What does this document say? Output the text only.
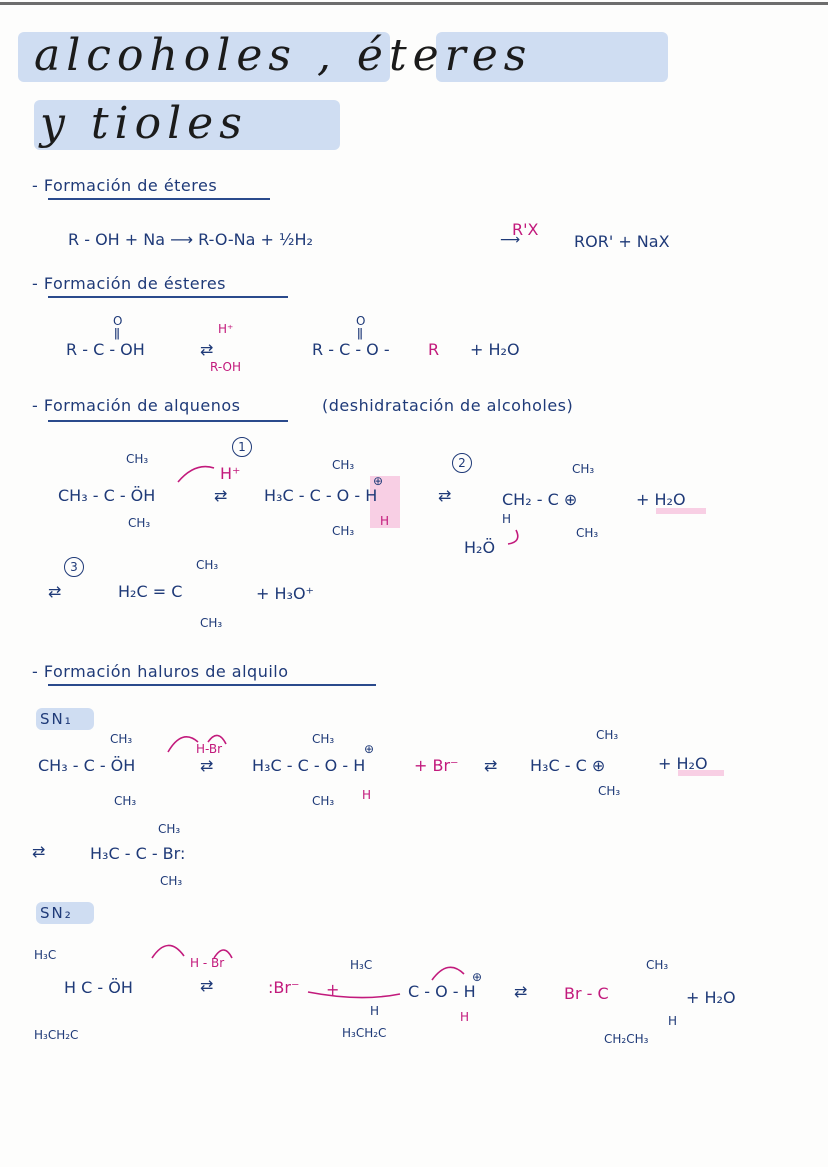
alcoholes , éteres
y tioles
- Formación de éteres
R - OH + Na ⟶ R-O-Na + ½H₂
R'X
⟶	ROR' + NaX
- Formación de ésteres
O
ǁ
R - C - OH
H⁺
⇄
R-OH
O
ǁ
R - C - O - R + H₂O
- Formación de alquenos	(deshidratación de alcoholes)
1
2
CH₃
CH₃ - C - ÖH
CH₃
H⁺
⇄
CH₃
⊕
H₃C - C - O - H
H
CH₃
⇄
CH₃
CH₂ - C ⊕
H
CH₃
+ H₂O
H₂Ö
3
⇄
CH₃
H₂C = C
CH₃
+ H₃O⁺
- Formación haluros de alquilo
SN₁
CH₃
CH₃ - C - ÖH
CH₃
H-Br
⇄
CH₃
⊕
H₃C - C - O - H
H
CH₃
+ Br⁻ ⇄
CH₃
H₃C - C ⊕
CH₃
+ H₂O
⇄
CH₃
H₃C - C - Br:
CH₃
SN₂
H₃C
H C - ÖH
H₃CH₂C
H - Br
⇄	:Br⁻ +
H₃C
H
⊕
C - O - H
H
H₃CH₂C
⇄
CH₃
Br - C
H
CH₂CH₃
+ H₂O
